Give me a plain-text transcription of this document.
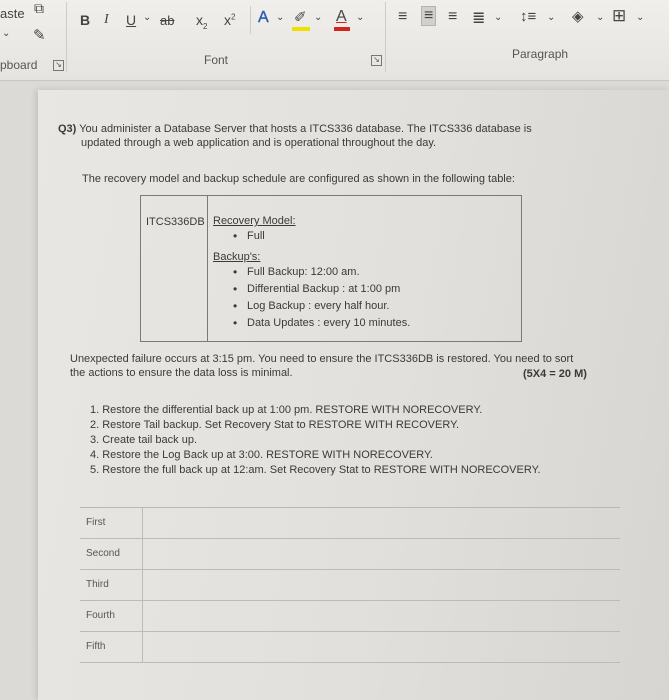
aste
⌄
⧉
✎
pboard ↘
B I U ⌄ ab $x_2$ $x^2$ A ⌄ ✐ ⌄ A ⌄
Font	↘
≡ ≡ ≡ ≣ ⌄ ↕≡ ⌄ ◈ ⌄ ⊞ ⌄
Paragraph
Q3) You administer a Database Server that hosts a ITCS336 database. The ITCS336 database is
updated through a web application and is operational throughout the day.
The recovery model and backup schedule are configured as shown in the following table:
ITCS336DB Recovery Model:
• Full
Backup's:
• Full Backup: 12:00 am.
• Differential Backup : at 1:00 pm
• Log Backup : every half hour.
• Data Updates : every 10 minutes.
Unexpected failure occurs at 3:15 pm. You need to ensure the ITCS336DB is restored. You need to sort
the actions to ensure the data loss is minimal.	(5X4 = 20 M)
1. Restore the differential back up at 1:00 pm. RESTORE WITH NORECOVERY.
2. Restore Tail backup. Set Recovery Stat to RESTORE WITH RECOVERY.
3. Create tail back up.
4. Restore the Log Back up at 3:00. RESTORE WITH NORECOVERY.
5. Restore the full back up at 12:am. Set Recovery Stat to RESTORE WITH NORECOVERY.
First
Second
Third
Fourth
Fifth
